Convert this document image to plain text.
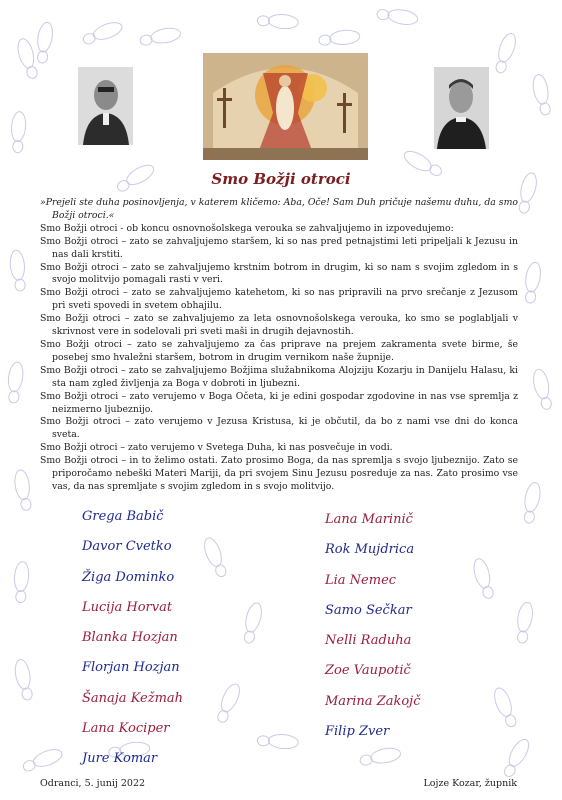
Smo Božji otroci

»Prejeli ste duha posinovljenja, v katerem kličemo: Aba, Oče! Sam Duh pričuje našemu duhu, da smo Božji otroci.«

Smo Božji otroci - ob koncu osnovnošolskega verouka se zahvaljujemo in izpovedujemo:

Smo Božji otroci – zato se zahvaljujemo staršem, ki so nas pred petnajstimi leti pripeljali k Jezusu in nas dali krstiti.

Smo Božji otroci – zato se zahvaljujemo krstnim botrom in drugim, ki so nam s svojim zgledom in s svojo molitvijo pomagali rasti v veri.

Smo Božji otroci – zato se zahvaljujemo katehetom, ki so nas pripravili na prvo srečanje z Jezusom pri sveti spovedi in svetem obhajilu.

Smo Božji otroci – zato se zahvaljujemo za leta osnovnošolskega verouka, ko smo se poglabljali v skrivnost vere in sodelovali pri sveti maši in drugih dejavnostih.

Smo Božji otroci – zato se zahvaljujemo za čas priprave na prejem zakramenta svete birme, še posebej smo hvaležni staršem, botrom in drugim vernikom naše župnije.

Smo Božji otroci – zato se zahvaljujemo Božjima služabnikoma Alojziju Kozarju in Danijelu Halasu, ki sta nam zgled življenja za Boga v dobroti in ljubezni.

Smo Božji otroci – zato verujemo v Boga Očeta, ki je edini gospodar zgodovine in nas vse spremlja z neizmerno ljubeznijo.

Smo Božji otroci – zato verujemo v Jezusa Kristusa, ki je občutil, da bo z nami vse dni do konca sveta.

Smo Božji otroci – zato verujemo v Svetega Duha, ki nas posvečuje in vodi.

Smo Božji otroci – in to želimo ostati. Zato prosimo Boga, da nas spremlja s svojo ljubeznijo. Zato se priporočamo nebeški Materi Mariji, da pri svojem Sinu Jezusu posreduje za nas. Zato prosimo vse vas, da nas spremljate s svojim zgledom in s svojo molitvijo.

Grega Babič
Davor Cvetko
Žiga Dominko
Lucija Horvat
Blanka Hozjan
Florjan Hozjan
Šanaja Kežmah
Lana Kociper
Jure Komar
Lana Marinič
Rok Mujdrica
Lia Nemec
Samo Sečkar
Nelli Raduha
Zoe Vaupotič
Marina Zakojč
Filip Zver
Odranci, 5. junij 2022	Lojze Kozar, župnik
